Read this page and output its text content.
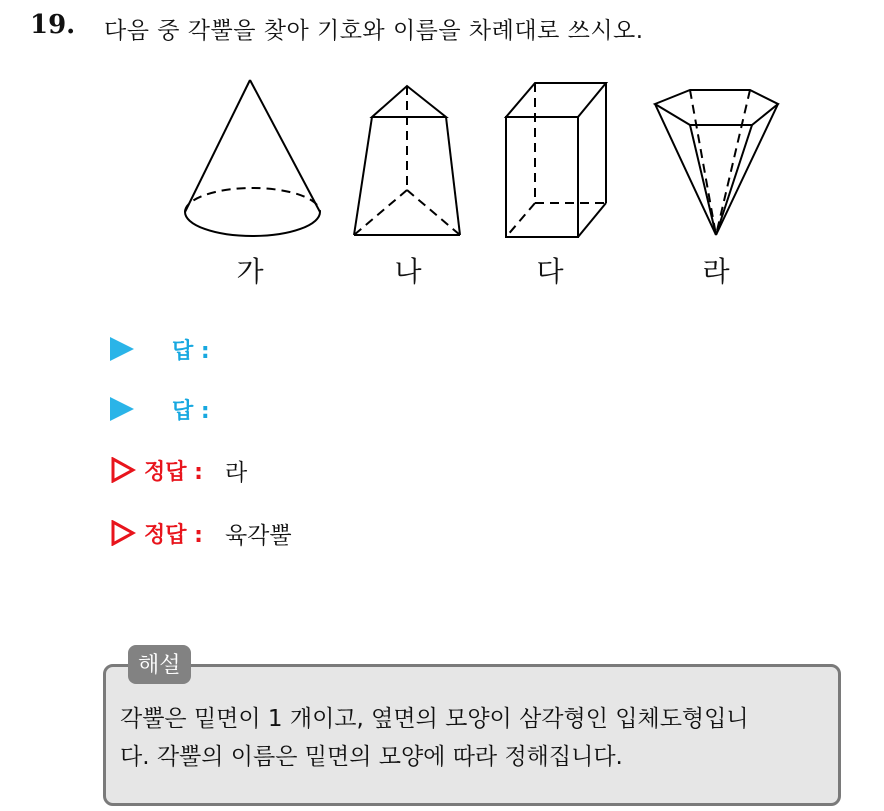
19. 다음 중 각뿔을 찾아 기호와 이름을 차례대로 쓰시오.
가	나	다	라
답 :
답 :
정답 : 라
정답 : 육각뿔
해설
각뿔은 밑면이 1 개이고, 옆면의 모양이 삼각형인 입체도형입니
다. 각뿔의 이름은 밑면의 모양에 따라 정해집니다.
